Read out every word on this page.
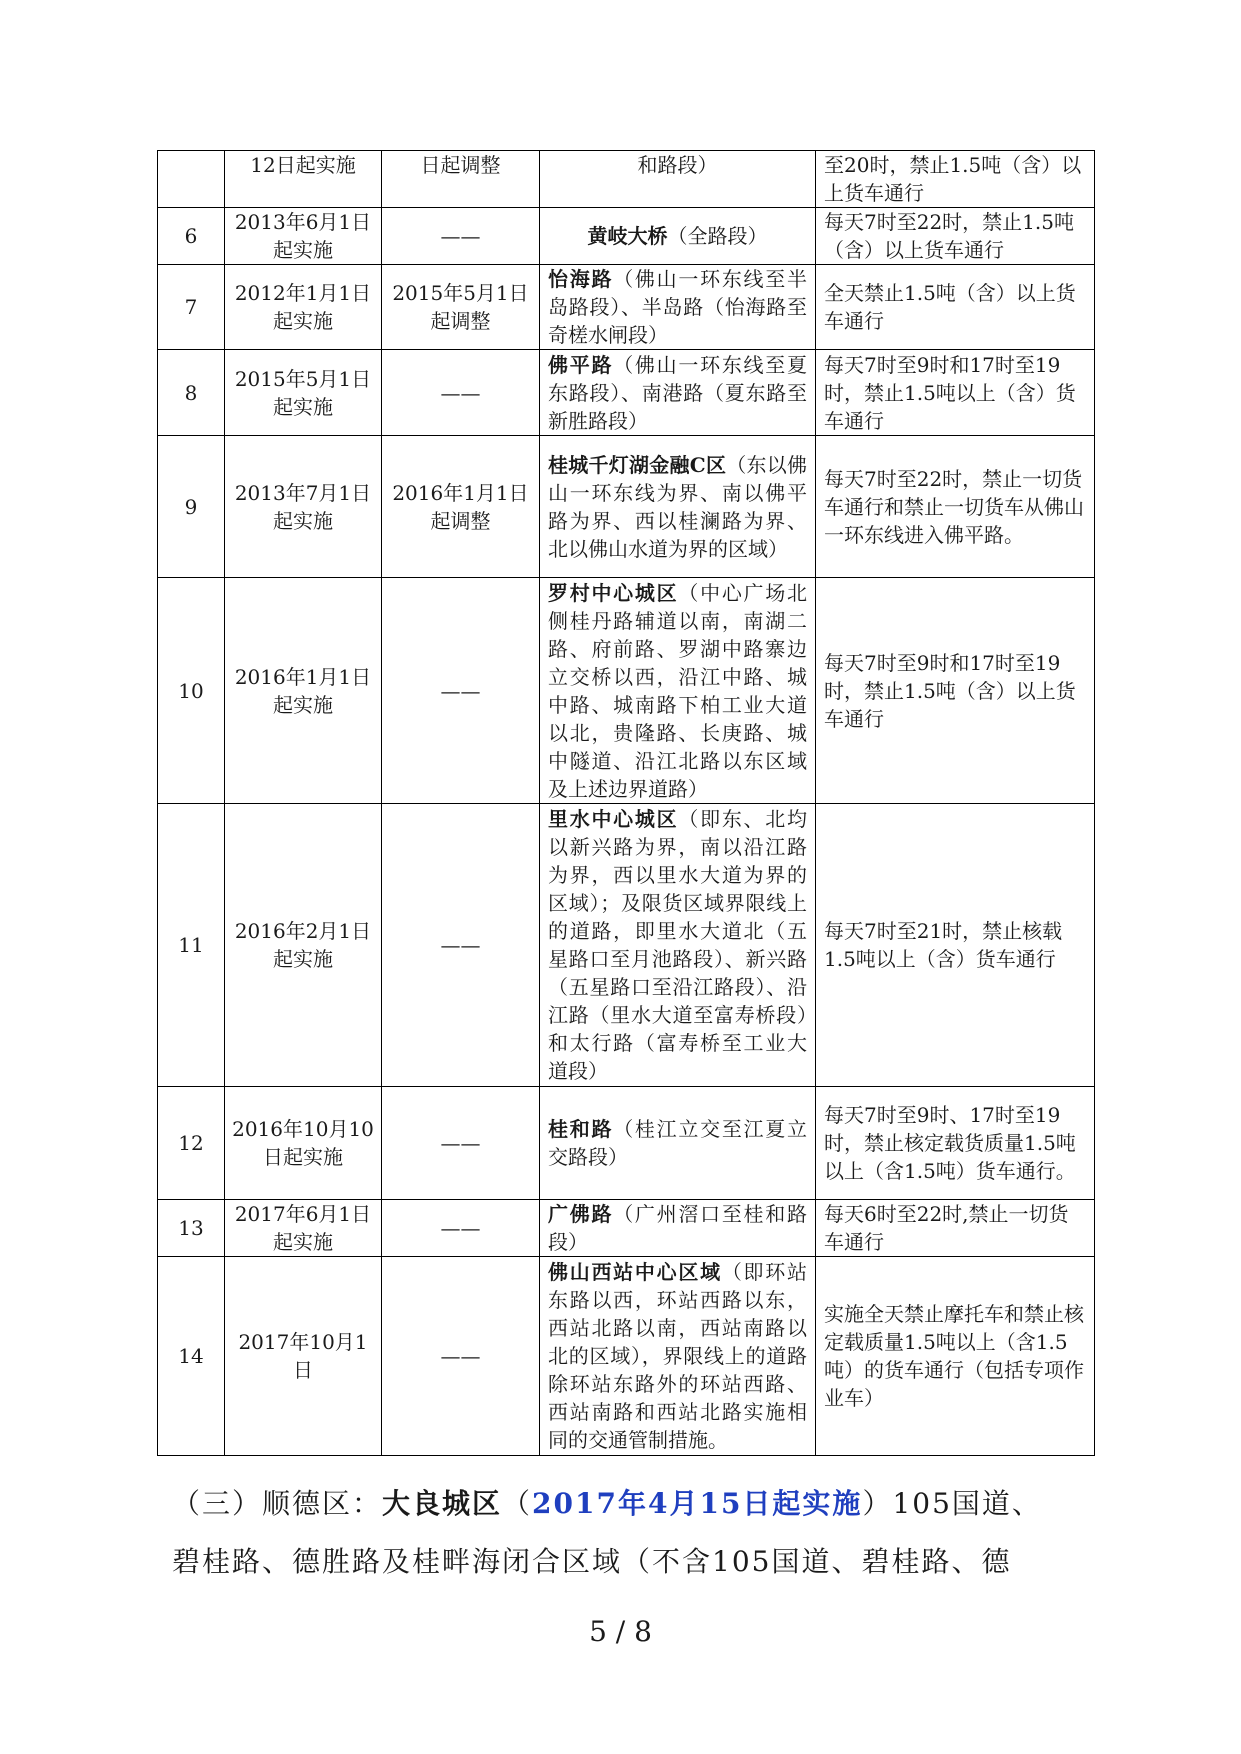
	12日起实施	日起调整	和路段）	至20时，禁止1.5吨（含）以上货车通行
6	2013年6月1日起实施	——	黄岐大桥（全路段）	每天7时至22时，禁止1.5吨（含）以上货车通行
7	2012年1月1日起实施	2015年5月1日起调整	怡海路（佛山一环东线至半岛路段）、半岛路（怡海路至奇槎水闸段）	全天禁止1.5吨（含）以上货车通行
8	2015年5月1日起实施	——	佛平路（佛山一环东线至夏东路段）、南港路（夏东路至新胜路段）	每天7时至9时和17时至19时，禁止1.5吨以上（含）货车通行
9	2013年7月1日起实施	2016年1月1日起调整	桂城千灯湖金融C区（东以佛山一环东线为界、南以佛平路为界、西以桂澜路为界、北以佛山水道为界的区域）	每天7时至22时，禁止一切货车通行和禁止一切货车从佛山一环东线进入佛平路。
10	2016年1月1日起实施	——	罗村中心城区（中心广场北侧桂丹路辅道以南，南湖二路、府前路、罗湖中路寨边立交桥以西，沿江中路、城中路、城南路下柏工业大道以北，贵隆路、长庚路、城中隧道、沿江北路以东区域及上述边界道路）	每天7时至9时和17时至19时，禁止1.5吨（含）以上货车通行
11	2016年2月1日起实施	——	里水中心城区（即东、北均以新兴路为界，南以沿江路为界，西以里水大道为界的区域）；及限货区域界限线上的道路，即里水大道北（五星路口至月池路段）、新兴路（五星路口至沿江路段）、沿江路（里水大道至富寿桥段）和太行路（富寿桥至工业大道段）	每天7时至21时，禁止核载1.5吨以上（含）货车通行
12	2016年10月10日起实施	——	桂和路（桂江立交至江夏立交路段）	每天7时至9时、17时至19时，禁止核定载货质量1.5吨以上（含1.5吨）货车通行。
13	2017年6月1日起实施	——	广佛路（广州滘口至桂和路段）	每天6时至22时,禁止一切货车通行
14	2017年10月1日	——	佛山西站中心区域（即环站东路以西，环站西路以东，西站北路以南，西站南路以北的区域），界限线上的道路除环站东路外的环站西路、西站南路和西站北路实施相同的交通管制措施。	实施全天禁止摩托车和禁止核定载质量1.5吨以上（含1.5吨）的货车通行（包括专项作业车）
（三）顺德区：大良城区（2017年4月15日起实施）105国道、
碧桂路、德胜路及桂畔海闭合区域（不含105国道、碧桂路、德
5 / 8
